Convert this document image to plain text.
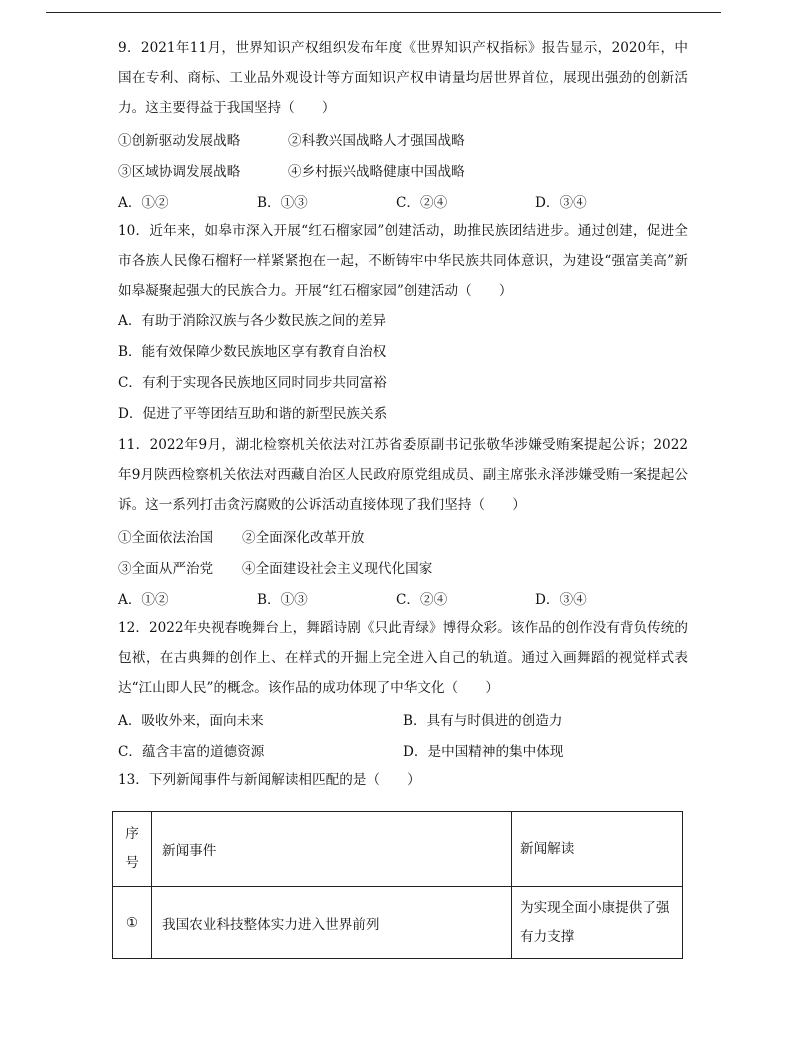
9．2021年11月，世界知识产权组织发布年度《世界知识产权指标》报告显示，2020年，中国在专利、商标、工业品外观设计等方面知识产权申请量均居世界首位，展现出强劲的创新活力。这主要得益于我国坚持（　　）

①创新驱动发展战略	②科教兴国战略人才强国战略
③区域协调发展战略	④乡村振兴战略健康中国战略
A．①②	B．①③	C．②④	D．③④

10．近年来，如皋市深入开展“红石榴家园”创建活动，助推民族团结进步。通过创建，促进全市各族人民像石榴籽一样紧紧抱在一起，不断铸牢中华民族共同体意识，为建设“强富美高”新如皋凝聚起强大的民族合力。开展“红石榴家园”创建活动（　　）

A．有助于消除汉族与各少数民族之间的差异
B．能有效保障少数民族地区享有教育自治权
C．有利于实现各民族地区同时同步共同富裕
D．促进了平等团结互助和谐的新型民族关系

11．2022年9月，湖北检察机关依法对江苏省委原副书记张敬华涉嫌受贿案提起公诉；2022年9月陕西检察机关依法对西藏自治区人民政府原党组成员、副主席张永泽涉嫌受贿一案提起公诉。这一系列打击贪污腐败的公诉活动直接体现了我们坚持（　　）

①全面依法治国	②全面深化改革开放
③全面从严治党	④全面建设社会主义现代化国家
A．①②	B．①③	C．②④	D．③④

12．2022年央视春晚舞台上，舞蹈诗剧《只此青绿》博得众彩。该作品的创作没有背负传统的包袱，在古典舞的创作上、在样式的开掘上完全进入自己的轨道。通过入画舞蹈的视觉样式表达“江山即人民”的概念。该作品的成功体现了中华文化（　　）

A．吸收外来，面向未来	B．具有与时俱进的创造力
C．蕴含丰富的道德资源	D．是中国精神的集中体现
13．下列新闻事件与新闻解读相匹配的是（　　）
序号	新闻事件	新闻解读
①	我国农业科技整体实力进入世界前列	为实现全面小康提供了强有力支撑
